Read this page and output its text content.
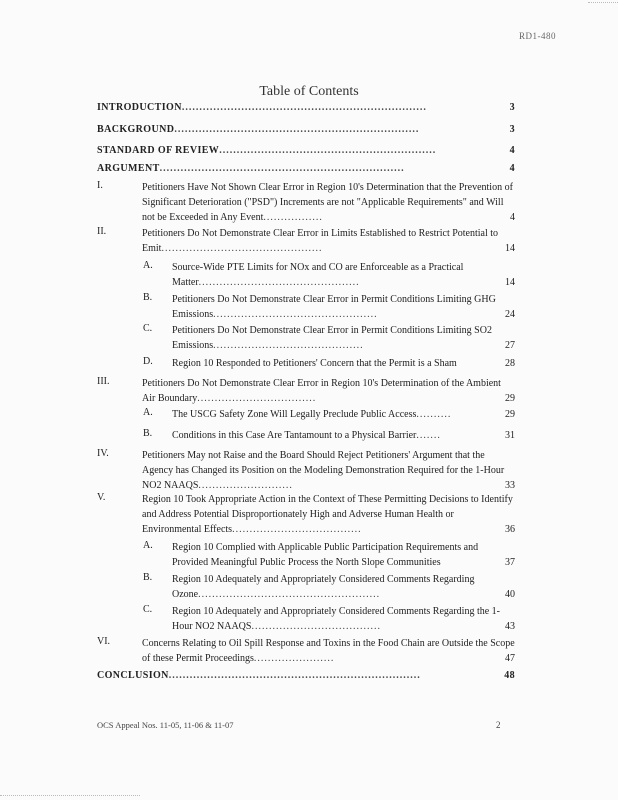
RD1-480
Table of Contents
INTRODUCTION......................................................................	3
BACKGROUND......................................................................	3
STANDARD OF REVIEW..............................................................	4
ARGUMENT......................................................................	4
I.	Petitioners Have Not Shown Clear Error in Region 10's Determination that the Prevention of Significant Deterioration ("PSD") Increments are not "Applicable Requirements" and Will not be Exceeded in Any Event.................	4
II.	Petitioners Do Not Demonstrate Clear Error in Limits Established to Restrict Potential to Emit..............................................	14
A. Source-Wide PTE Limits for NOx and CO are Enforceable as a Practical Matter..............................................	14
B. Petitioners Do Not Demonstrate Clear Error in Permit Conditions Limiting GHG Emissions...............................................	24
C. Petitioners Do Not Demonstrate Clear Error in Permit Conditions Limiting SO2 Emissions...........................................	27
D. Region 10 Responded to Petitioners' Concern that the Permit is a Sham	28
III.	Petitioners Do Not Demonstrate Clear Error in Region 10's Determination of the Ambient Air Boundary..................................	29
A. The USCG Safety Zone Will Legally Preclude Public Access..........	29
B. Conditions in this Case Are Tantamount to a Physical Barrier.......	31
IV.	Petitioners May not Raise and the Board Should Reject Petitioners' Argument that the Agency has Changed its Position on the Modeling Demonstration Required for the 1-Hour NO2 NAAQS...........................	33
V.	Region 10 Took Appropriate Action in the Context of These Permitting Decisions to Identify and Address Potential Disproportionately High and Adverse Human Health or Environmental Effects.....................................	36
A. Region 10 Complied with Applicable Public Participation Requirements and Provided Meaningful Public Process the North Slope Communities	37
B. Region 10 Adequately and Appropriately Considered Comments Regarding Ozone....................................................	40
C. Region 10 Adequately and Appropriately Considered Comments Regarding the 1-Hour NO2 NAAQS.....................................	43
VI.	Concerns Relating to Oil Spill Response and Toxins in the Food Chain are Outside the Scope of these Permit Proceedings.......................	47
CONCLUSION........................................................................	48
OCS Appeal Nos. 11-05, 11-06 & 11-07	2
